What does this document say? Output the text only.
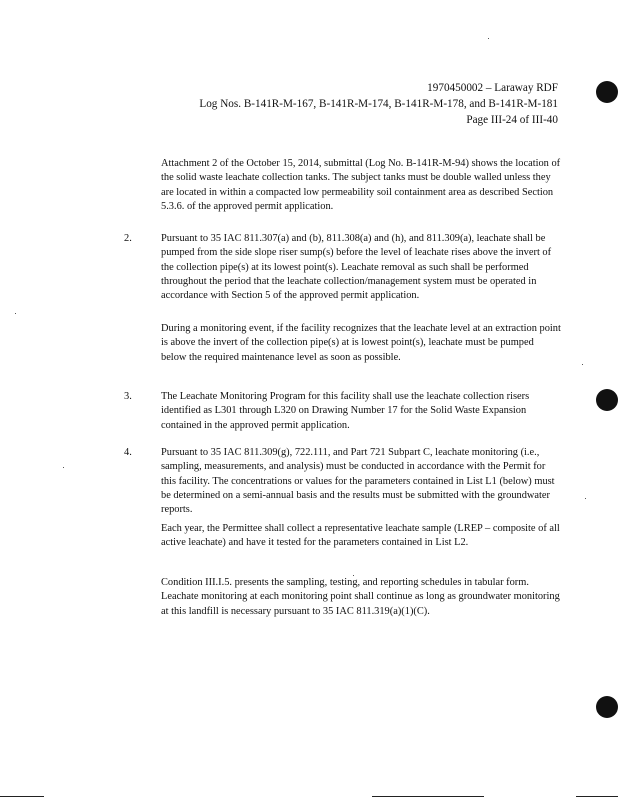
1970450002 – Laraway RDF
Log Nos. B-141R-M-167, B-141R-M-174, B-141R-M-178, and B-141R-M-181
Page III-24 of III-40

Attachment 2 of the October 15, 2014, submittal (Log No. B-141R-M-94) shows the location of the solid waste leachate collection tanks. The subject tanks must be double walled unless they are located in within a compacted low permeability soil containment area as described Section 5.3.6. of the approved permit application.

2.	Pursuant to 35 IAC 811.307(a) and (b), 811.308(a) and (h), and 811.309(a), leachate shall be pumped from the side slope riser sump(s) before the level of leachate rises above the invert of the collection pipe(s) at its lowest point(s). Leachate removal as such shall be performed throughout the period that the leachate collection/management system must be operated in accordance with Section 5 of the approved permit application.

During a monitoring event, if the facility recognizes that the leachate level at an extraction point is above the invert of the collection pipe(s) at is lowest point(s), leachate must be pumped below the required maintenance level as soon as possible.

3.	The Leachate Monitoring Program for this facility shall use the leachate collection risers identified as L301 through L320 on Drawing Number 17 for the Solid Waste Expansion contained in the approved permit application.

4.	Pursuant to 35 IAC 811.309(g), 722.111, and Part 721 Subpart C, leachate monitoring (i.e., sampling, measurements, and analysis) must be conducted in accordance with the Permit for this facility. The concentrations or values for the parameters contained in List L1 (below) must be determined on a semi-annual basis and the results must be submitted with the groundwater reports.

Each year, the Permittee shall collect a representative leachate sample (LREP – composite of all active leachate) and have it tested for the parameters contained in List L2.

Condition III.I.5. presents the sampling, testing, and reporting schedules in tabular form. Leachate monitoring at each monitoring point shall continue as long as groundwater monitoring at this landfill is necessary pursuant to 35 IAC 811.319(a)(1)(C).
